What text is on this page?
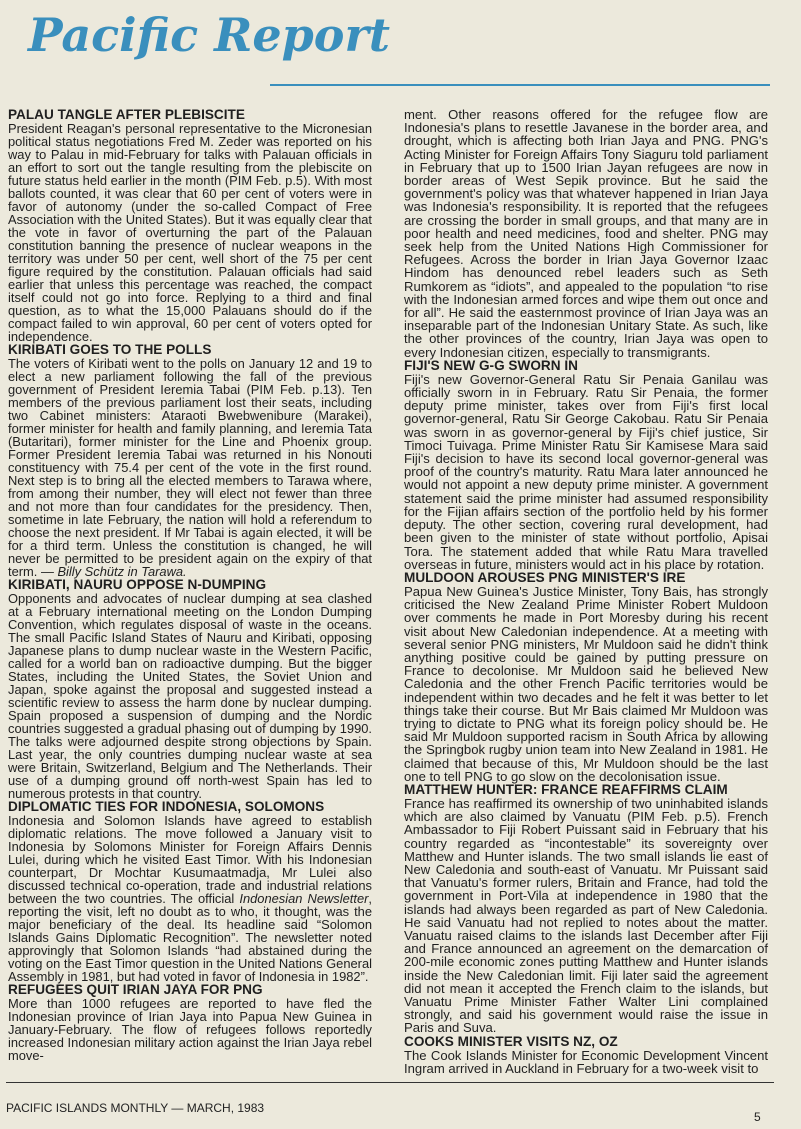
Pacific Report
PALAU TANGLE AFTER PLEBISCITE

President Reagan's personal representative to the Micronesian political status negotiations Fred M. Zeder was reported on his way to Palau in mid-February for talks with Palauan officials in an effort to sort out the tangle resulting from the plebiscite on future status held earlier in the month (PIM Feb. p.5). With most ballots counted, it was clear that 60 per cent of voters were in favor of autonomy (under the so-called Compact of Free Association with the United States). But it was equally clear that the vote in favor of overturning the part of the Palauan constitution banning the presence of nuclear weapons in the territory was under 50 per cent, well short of the 75 per cent figure required by the constitution. Palauan officials had said earlier that unless this percentage was reached, the compact itself could not go into force. Replying to a third and final question, as to what the 15,000 Palauans should do if the compact failed to win approval, 60 per cent of voters opted for independence.

KIRIBATI GOES TO THE POLLS

The voters of Kiribati went to the polls on January 12 and 19 to elect a new parliament following the fall of the previous government of President Ieremia Tabai (PIM Feb. p.13). Ten members of the previous parliament lost their seats, including two Cabinet ministers: Ataraoti Bwebwenibure (Marakei), former minister for health and family planning, and Ieremia Tata (Butaritari), former minister for the Line and Phoenix group. Former President Ieremia Tabai was returned in his Nonouti constituency with 75.4 per cent of the vote in the first round. Next step is to bring all the elected members to Tarawa where, from among their number, they will elect not fewer than three and not more than four candidates for the presidency. Then, sometime in late February, the nation will hold a referendum to choose the next president. If Mr Tabai is again elected, it will be for a third term. Unless the constitution is changed, he will never be permitted to be president again on the expiry of that term. — Billy Schütz in Tarawa.

KIRIBATI, NAURU OPPOSE N-DUMPING

Opponents and advocates of nuclear dumping at sea clashed at a February international meeting on the London Dumping Convention, which regulates disposal of waste in the oceans. The small Pacific Island States of Nauru and Kiribati, opposing Japanese plans to dump nuclear waste in the Western Pacific, called for a world ban on radioactive dumping. But the bigger States, including the United States, the Soviet Union and Japan, spoke against the proposal and suggested instead a scientific review to assess the harm done by nuclear dumping. Spain proposed a suspension of dumping and the Nordic countries suggested a gradual phasing out of dumping by 1990. The talks were adjourned despite strong objections by Spain. Last year, the only countries dumping nuclear waste at sea were Britain, Switzerland, Belgium and The Netherlands. Their use of a dumping ground off north-west Spain has led to numerous protests in that country.

DIPLOMATIC TIES FOR INDONESIA, SOLOMONS

Indonesia and Solomon Islands have agreed to establish diplomatic relations. The move followed a January visit to Indonesia by Solomons Minister for Foreign Affairs Dennis Lulei, during which he visited East Timor. With his Indonesian counterpart, Dr Mochtar Kusumaatmadja, Mr Lulei also discussed technical co-operation, trade and industrial relations between the two countries. The official Indonesian Newsletter, reporting the visit, left no doubt as to who, it thought, was the major beneficiary of the deal. Its headline said “Solomon Islands Gains Diplomatic Recognition”. The newsletter noted approvingly that Solomon Islands “had abstained during the voting on the East Timor question in the United Nations General Assembly in 1981, but had voted in favor of Indonesia in 1982”.

REFUGEES QUIT IRIAN JAYA FOR PNG

More than 1000 refugees are reported to have fled the Indonesian province of Irian Jaya into Papua New Guinea in January-February. The flow of refugees follows reportedly increased Indonesian military action against the Irian Jaya rebel move-

ment. Other reasons offered for the refugee flow are Indonesia's plans to resettle Javanese in the border area, and drought, which is affecting both Irian Jaya and PNG. PNG's Acting Minister for Foreign Affairs Tony Siaguru told parliament in February that up to 1500 Irian Jayan refugees are now in border areas of West Sepik province. But he said the government's policy was that whatever happened in Irian Jaya was Indonesia's responsibility. It is reported that the refugees are crossing the border in small groups, and that many are in poor health and need medicines, food and shelter. PNG may seek help from the United Nations High Commissioner for Refugees. Across the border in Irian Jaya Governor Izaac Hindom has denounced rebel leaders such as Seth Rumkorem as “idiots”, and appealed to the population “to rise with the Indonesian armed forces and wipe them out once and for all”. He said the easternmost province of Irian Jaya was an inseparable part of the Indonesian Unitary State. As such, like the other provinces of the country, Irian Jaya was open to every Indonesian citizen, especially to transmigrants.

FIJI'S NEW G-G SWORN IN

Fiji's new Governor-General Ratu Sir Penaia Ganilau was officially sworn in in February. Ratu Sir Penaia, the former deputy prime minister, takes over from Fiji's first local governor-general, Ratu Sir George Cakobau. Ratu Sir Penaia was sworn in as governor-general by Fiji's chief justice, Sir Timoci Tuivaga. Prime Minister Ratu Sir Kamisese Mara said Fiji's decision to have its second local governor-general was proof of the country's maturity. Ratu Mara later announced he would not appoint a new deputy prime minister. A government statement said the prime minister had assumed responsibility for the Fijian affairs section of the portfolio held by his former deputy. The other section, covering rural development, had been given to the minister of state without portfolio, Apisai Tora. The statement added that while Ratu Mara travelled overseas in future, ministers would act in his place by rotation.

MULDOON AROUSES PNG MINISTER'S IRE

Papua New Guinea's Justice Minister, Tony Bais, has strongly criticised the New Zealand Prime Minister Robert Muldoon over comments he made in Port Moresby during his recent visit about New Caledonian independence. At a meeting with several senior PNG ministers, Mr Muldoon said he didn't think anything positive could be gained by putting pressure on France to decolonise. Mr Muldoon said he believed New Caledonia and the other French Pacific territories would be independent within two decades and he felt it was better to let things take their course. But Mr Bais claimed Mr Muldoon was trying to dictate to PNG what its foreign policy should be. He said Mr Muldoon supported racism in South Africa by allowing the Springbok rugby union team into New Zealand in 1981. He claimed that because of this, Mr Muldoon should be the last one to tell PNG to go slow on the decolonisation issue.

MATTHEW HUNTER: FRANCE REAFFIRMS CLAIM

France has reaffirmed its ownership of two uninhabited islands which are also claimed by Vanuatu (PIM Feb. p.5). French Ambassador to Fiji Robert Puissant said in February that his country regarded as “incontestable” its sovereignty over Matthew and Hunter islands. The two small islands lie east of New Caledonia and south-east of Vanuatu. Mr Puissant said that Vanuatu's former rulers, Britain and France, had told the government in Port-Vila at independence in 1980 that the islands had always been regarded as part of New Caledonia. He said Vanuatu had not replied to notes about the matter. Vanuatu raised claims to the islands last December after Fiji and France announced an agreement on the demarcation of 200-mile economic zones putting Matthew and Hunter islands inside the New Caledonian limit. Fiji later said the agreement did not mean it accepted the French claim to the islands, but Vanuatu Prime Minister Father Walter Lini complained strongly, and said his government would raise the issue in Paris and Suva.

COOKS MINISTER VISITS NZ, OZ

The Cook Islands Minister for Economic Development Vincent Ingram arrived in Auckland in February for a two-week visit to

PACIFIC ISLANDS MONTHLY — MARCH, 1983
5
